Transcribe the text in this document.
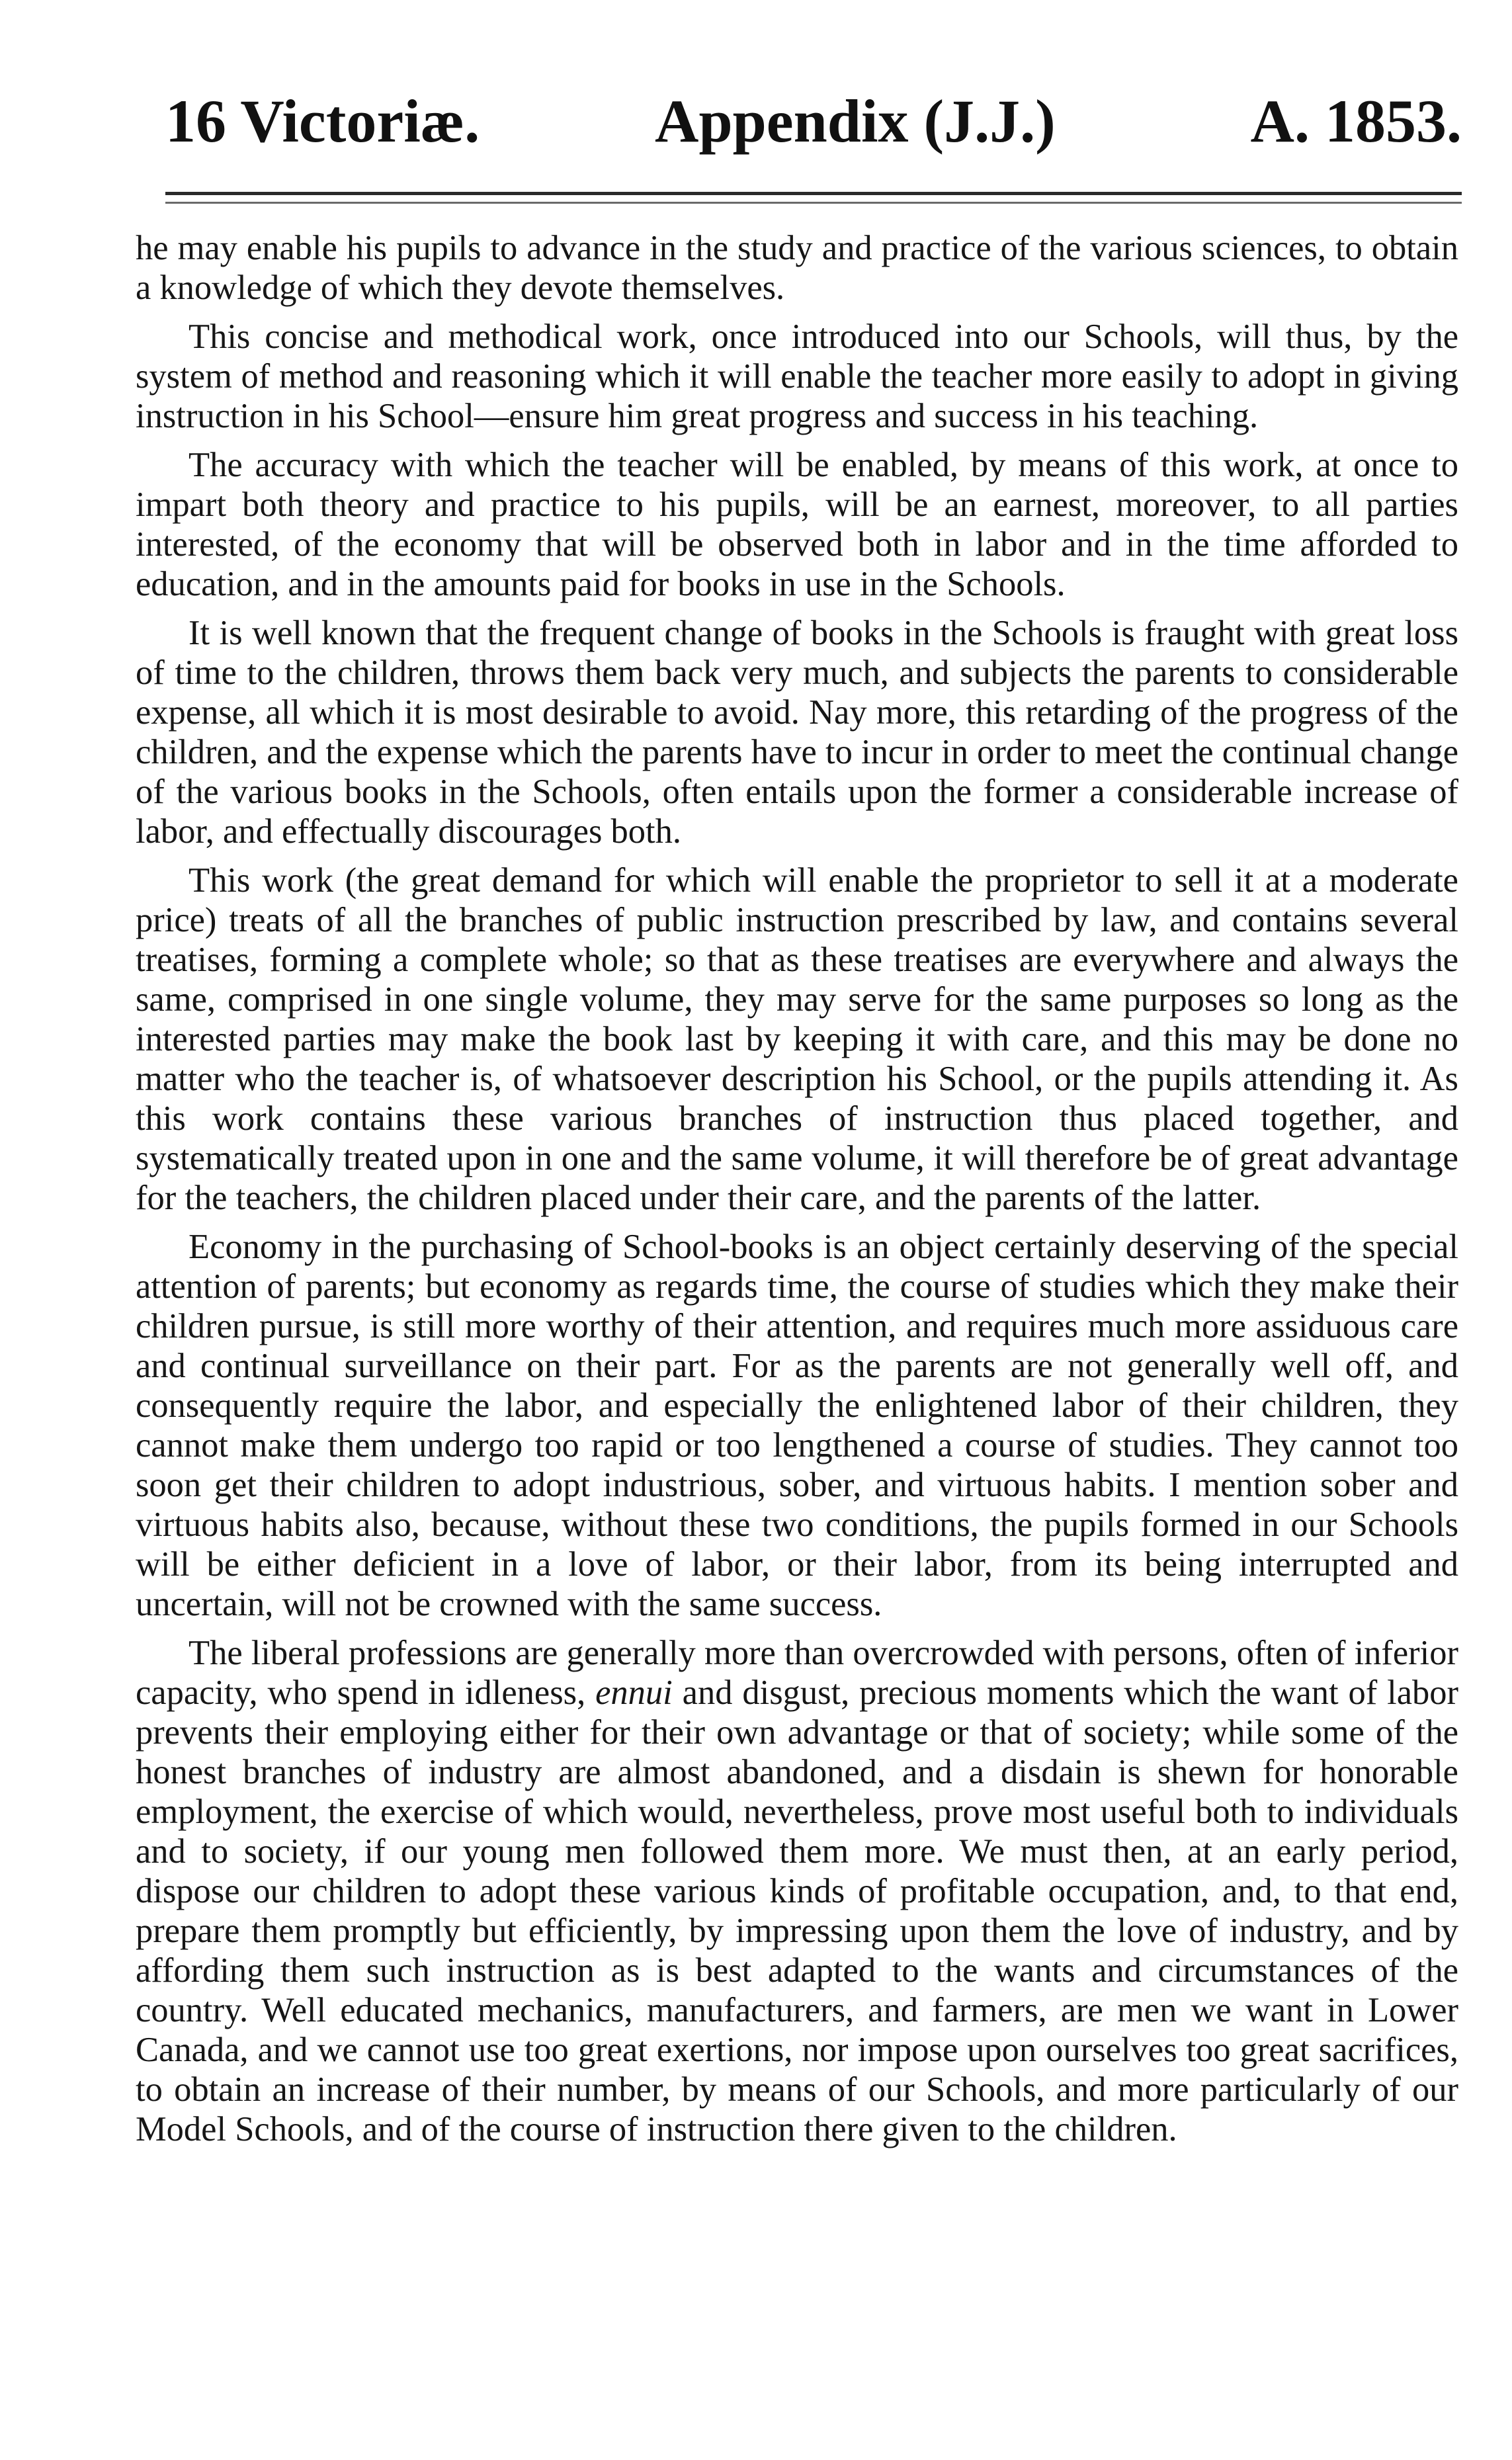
16 Victoriæ.	Appendix (J.J.)	A. 1853.

he may enable his pupils to advance in the study and practice of the various sciences, to obtain a knowledge of which they devote themselves.

This concise and methodical work, once introduced into our Schools, will thus, by the system of method and reasoning which it will enable the teacher more easily to adopt in giving instruction in his School—ensure him great progress and success in his teaching.

The accuracy with which the teacher will be enabled, by means of this work, at once to impart both theory and practice to his pupils, will be an earnest, moreover, to all parties interested, of the economy that will be observed both in labor and in the time afforded to education, and in the amounts paid for books in use in the Schools.

It is well known that the frequent change of books in the Schools is fraught with great loss of time to the children, throws them back very much, and subjects the parents to considerable expense, all which it is most desirable to avoid. Nay more, this retarding of the progress of the children, and the expense which the parents have to incur in order to meet the continual change of the various books in the Schools, often entails upon the former a considerable increase of labor, and effectually discourages both.

This work (the great demand for which will enable the proprietor to sell it at a moderate price) treats of all the branches of public instruction prescribed by law, and contains several treatises, forming a complete whole; so that as these treatises are everywhere and always the same, comprised in one single volume, they may serve for the same purposes so long as the interested parties may make the book last by keeping it with care, and this may be done no matter who the teacher is, of whatsoever description his School, or the pupils attending it. As this work contains these various branches of instruction thus placed together, and systematically treated upon in one and the same volume, it will therefore be of great advantage for the teachers, the children placed under their care, and the parents of the latter.

Economy in the purchasing of School-books is an object certainly deserving of the special attention of parents; but economy as regards time, the course of studies which they make their children pursue, is still more worthy of their attention, and requires much more assiduous care and continual surveillance on their part. For as the parents are not generally well off, and consequently require the labor, and especially the enlightened labor of their children, they cannot make them undergo too rapid or too lengthened a course of studies. They cannot too soon get their children to adopt industrious, sober, and virtuous habits. I mention sober and virtuous habits also, because, without these two conditions, the pupils formed in our Schools will be either deficient in a love of labor, or their labor, from its being interrupted and uncertain, will not be crowned with the same success.

The liberal professions are generally more than overcrowded with persons, often of inferior capacity, who spend in idleness, ennui and disgust, precious moments which the want of labor prevents their employing either for their own advantage or that of society; while some of the honest branches of industry are almost abandoned, and a disdain is shewn for honorable employment, the exercise of which would, nevertheless, prove most useful both to individuals and to society, if our young men followed them more. We must then, at an early period, dispose our children to adopt these various kinds of profitable occupation, and, to that end, prepare them promptly but efficiently, by impressing upon them the love of industry, and by affording them such instruction as is best adapted to the wants and circumstances of the country. Well educated mechanics, manufacturers, and farmers, are men we want in Lower Canada, and we cannot use too great exertions, nor impose upon ourselves too great sacrifices, to obtain an increase of their number, by means of our Schools, and more particularly of our Model Schools, and of the course of instruction there given to the children.
